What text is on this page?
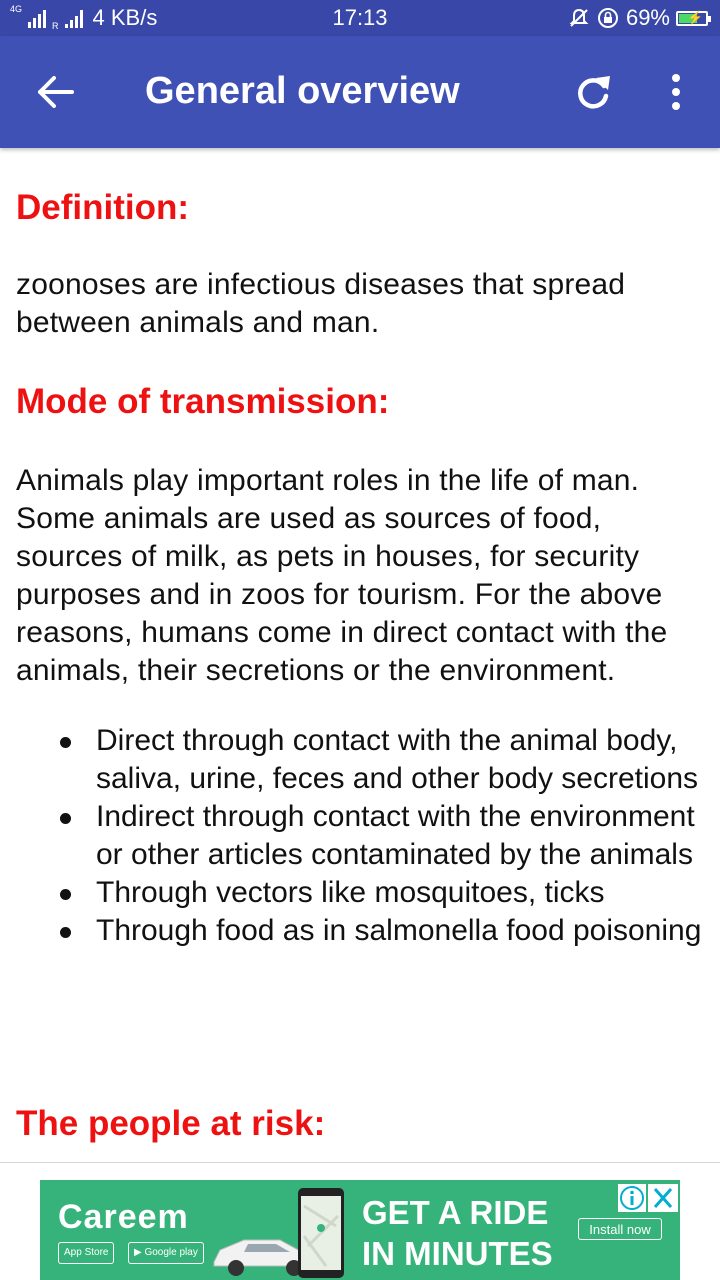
4G
R 4 KB/s	17:13	69% ⚡
General overview
Definition:

zoonoses are infectious diseases that spread between animals and man.

Mode of transmission:

Animals play important roles in the life of man. Some animals are used as sources of food, sources of milk, as pets in houses, for security purposes and in zoos for tourism. For the above reasons, humans come in direct contact with the animals, their secretions or the environment.

Direct through contact with the animal body, saliva, urine, feces and other body secretions
Indirect through contact with the environment or other articles contaminated by the animals
Through vectors like mosquitoes, ticks
Through food as in salmonella food poisoning
The people at risk:
Careem
App Store	▶ Google play
GET A RIDE
IN MINUTES
Install now
